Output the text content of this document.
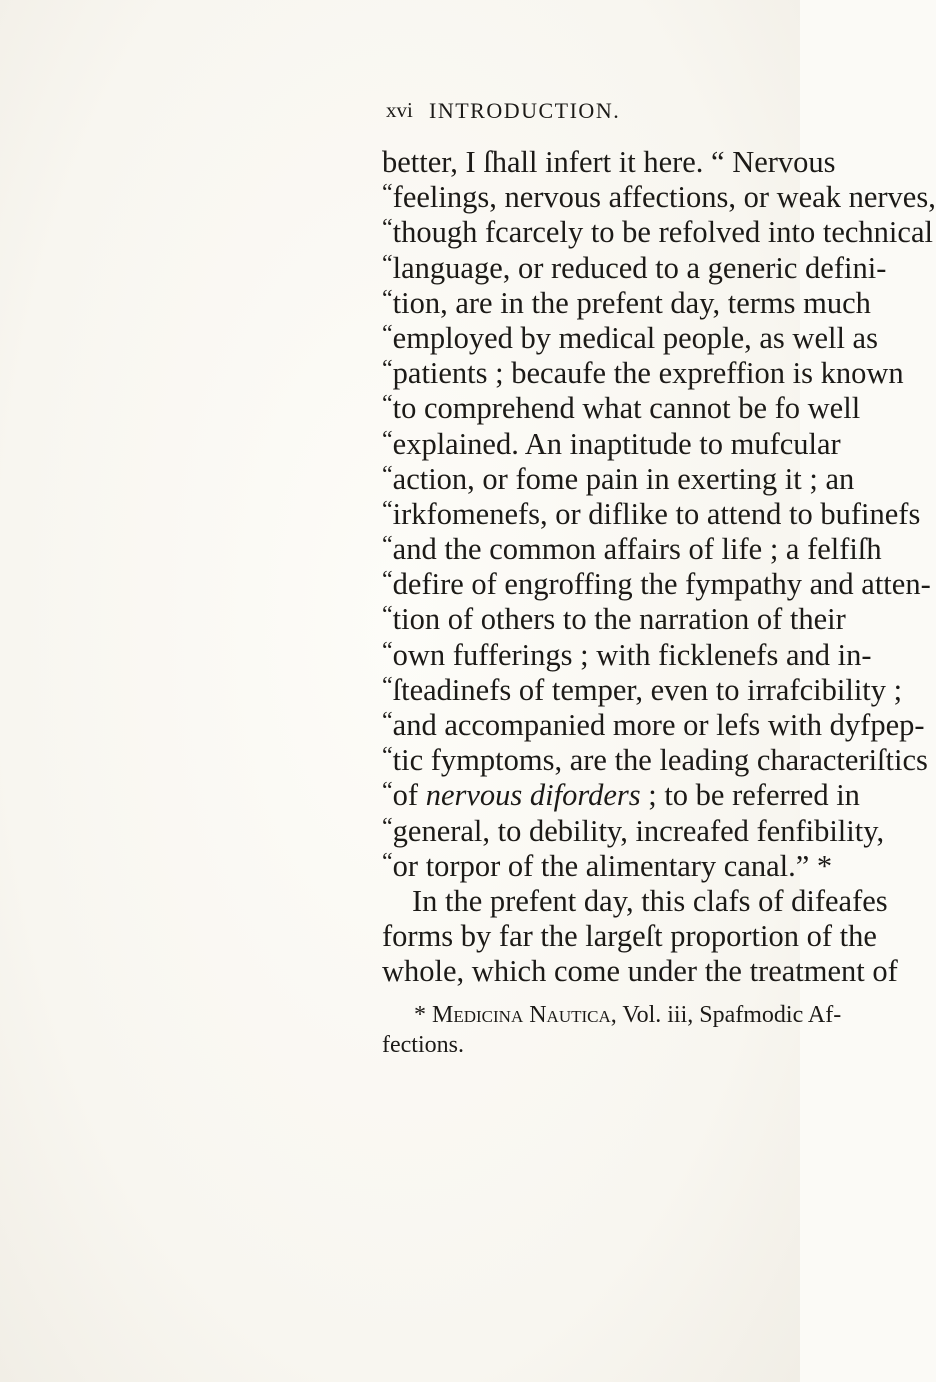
xvi INTRODUCTION.
better, I ſhall infert it here. “ Nervous
“ feelings, nervous affections, or weak nerves,
“ though fcarcely to be refolved into technical
“ language, or reduced to a generic defini-
“ tion, are in the prefent day, terms much
“ employed by medical people, as well as
“ patients ; becaufe the expreffion is known
“ to comprehend what cannot be fo well
“ explained. An inaptitude to mufcular
“ action, or fome pain in exerting it ; an
“ irkfomenefs, or diflike to attend to bufinefs
“ and the common affairs of life ; a felfiſh
“ defire of engroffing the fympathy and atten-
“ tion of others to the narration of their
“ own fufferings ; with ficklenefs and in-
“ ſteadinefs of temper, even to irrafcibility ;
“ and accompanied more or lefs with dyfpep-
“ tic fymptoms, are the leading characteriſtics
“ of nervous diforders ; to be referred in
“ general, to debility, increafed fenfibility,
“ or torpor of the alimentary canal.” *
In the prefent day, this clafs of difeafes
forms by far the largeſt proportion of the
whole, which come under the treatment of
* Medicina Nautica, Vol. iii, Spafmodic Af-
fections.
